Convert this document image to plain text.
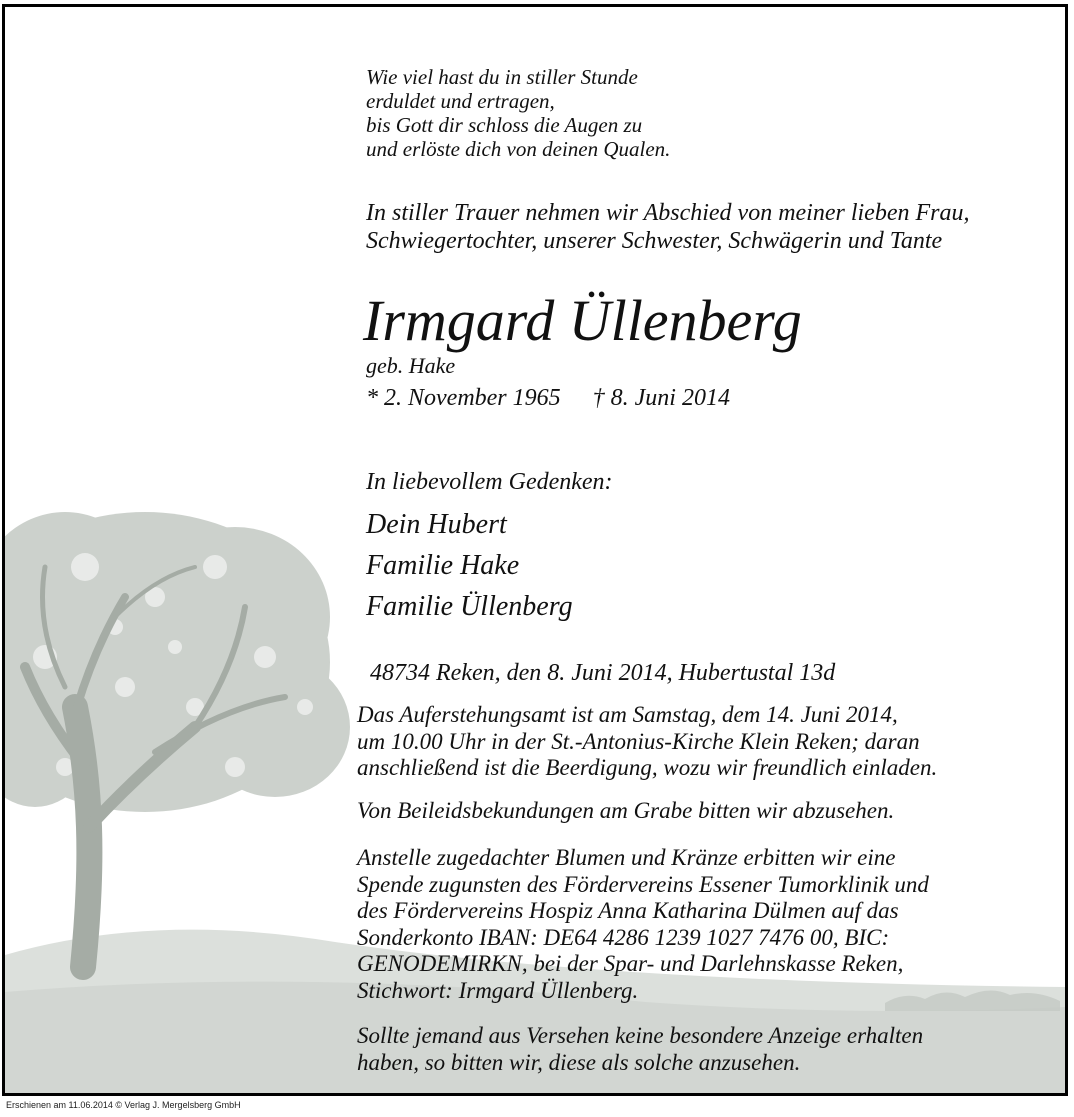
Wie viel hast du in stiller Stunde
erduldet und ertragen,
bis Gott dir schloss die Augen zu
und erlöste dich von deinen Qualen.
In stiller Trauer nehmen wir Abschied von meiner lieben Frau,
Schwiegertochter, unserer Schwester, Schwägerin und Tante
Irmgard Üllenberg
geb. Hake
* 2. November 1965 † 8. Juni 2014
In liebevollem Gedenken:
Dein Hubert
Familie Hake
Familie Üllenberg
48734 Reken, den 8. Juni 2014, Hubertustal 13d
Das Auferstehungsamt ist am Samstag, dem 14. Juni 2014,
um 10.00 Uhr in der St.-Antonius-Kirche Klein Reken; daran
anschließend ist die Beerdigung, wozu wir freundlich einladen.
Von Beileidsbekundungen am Grabe bitten wir abzusehen.
Anstelle zugedachter Blumen und Kränze erbitten wir eine
Spende zugunsten des Fördervereins Essener Tumorklinik und
des Fördervereins Hospiz Anna Katharina Dülmen auf das
Sonderkonto IBAN: DE64 4286 1239 1027 7476 00, BIC:
GENODEMIRKN, bei der Spar- und Darlehnskasse Reken,
Stichwort: Irmgard Üllenberg.
Sollte jemand aus Versehen keine besondere Anzeige erhalten
haben, so bitten wir, diese als solche anzusehen.
Erschienen am 11.06.2014 © Verlag J. Mergelsberg GmbH
